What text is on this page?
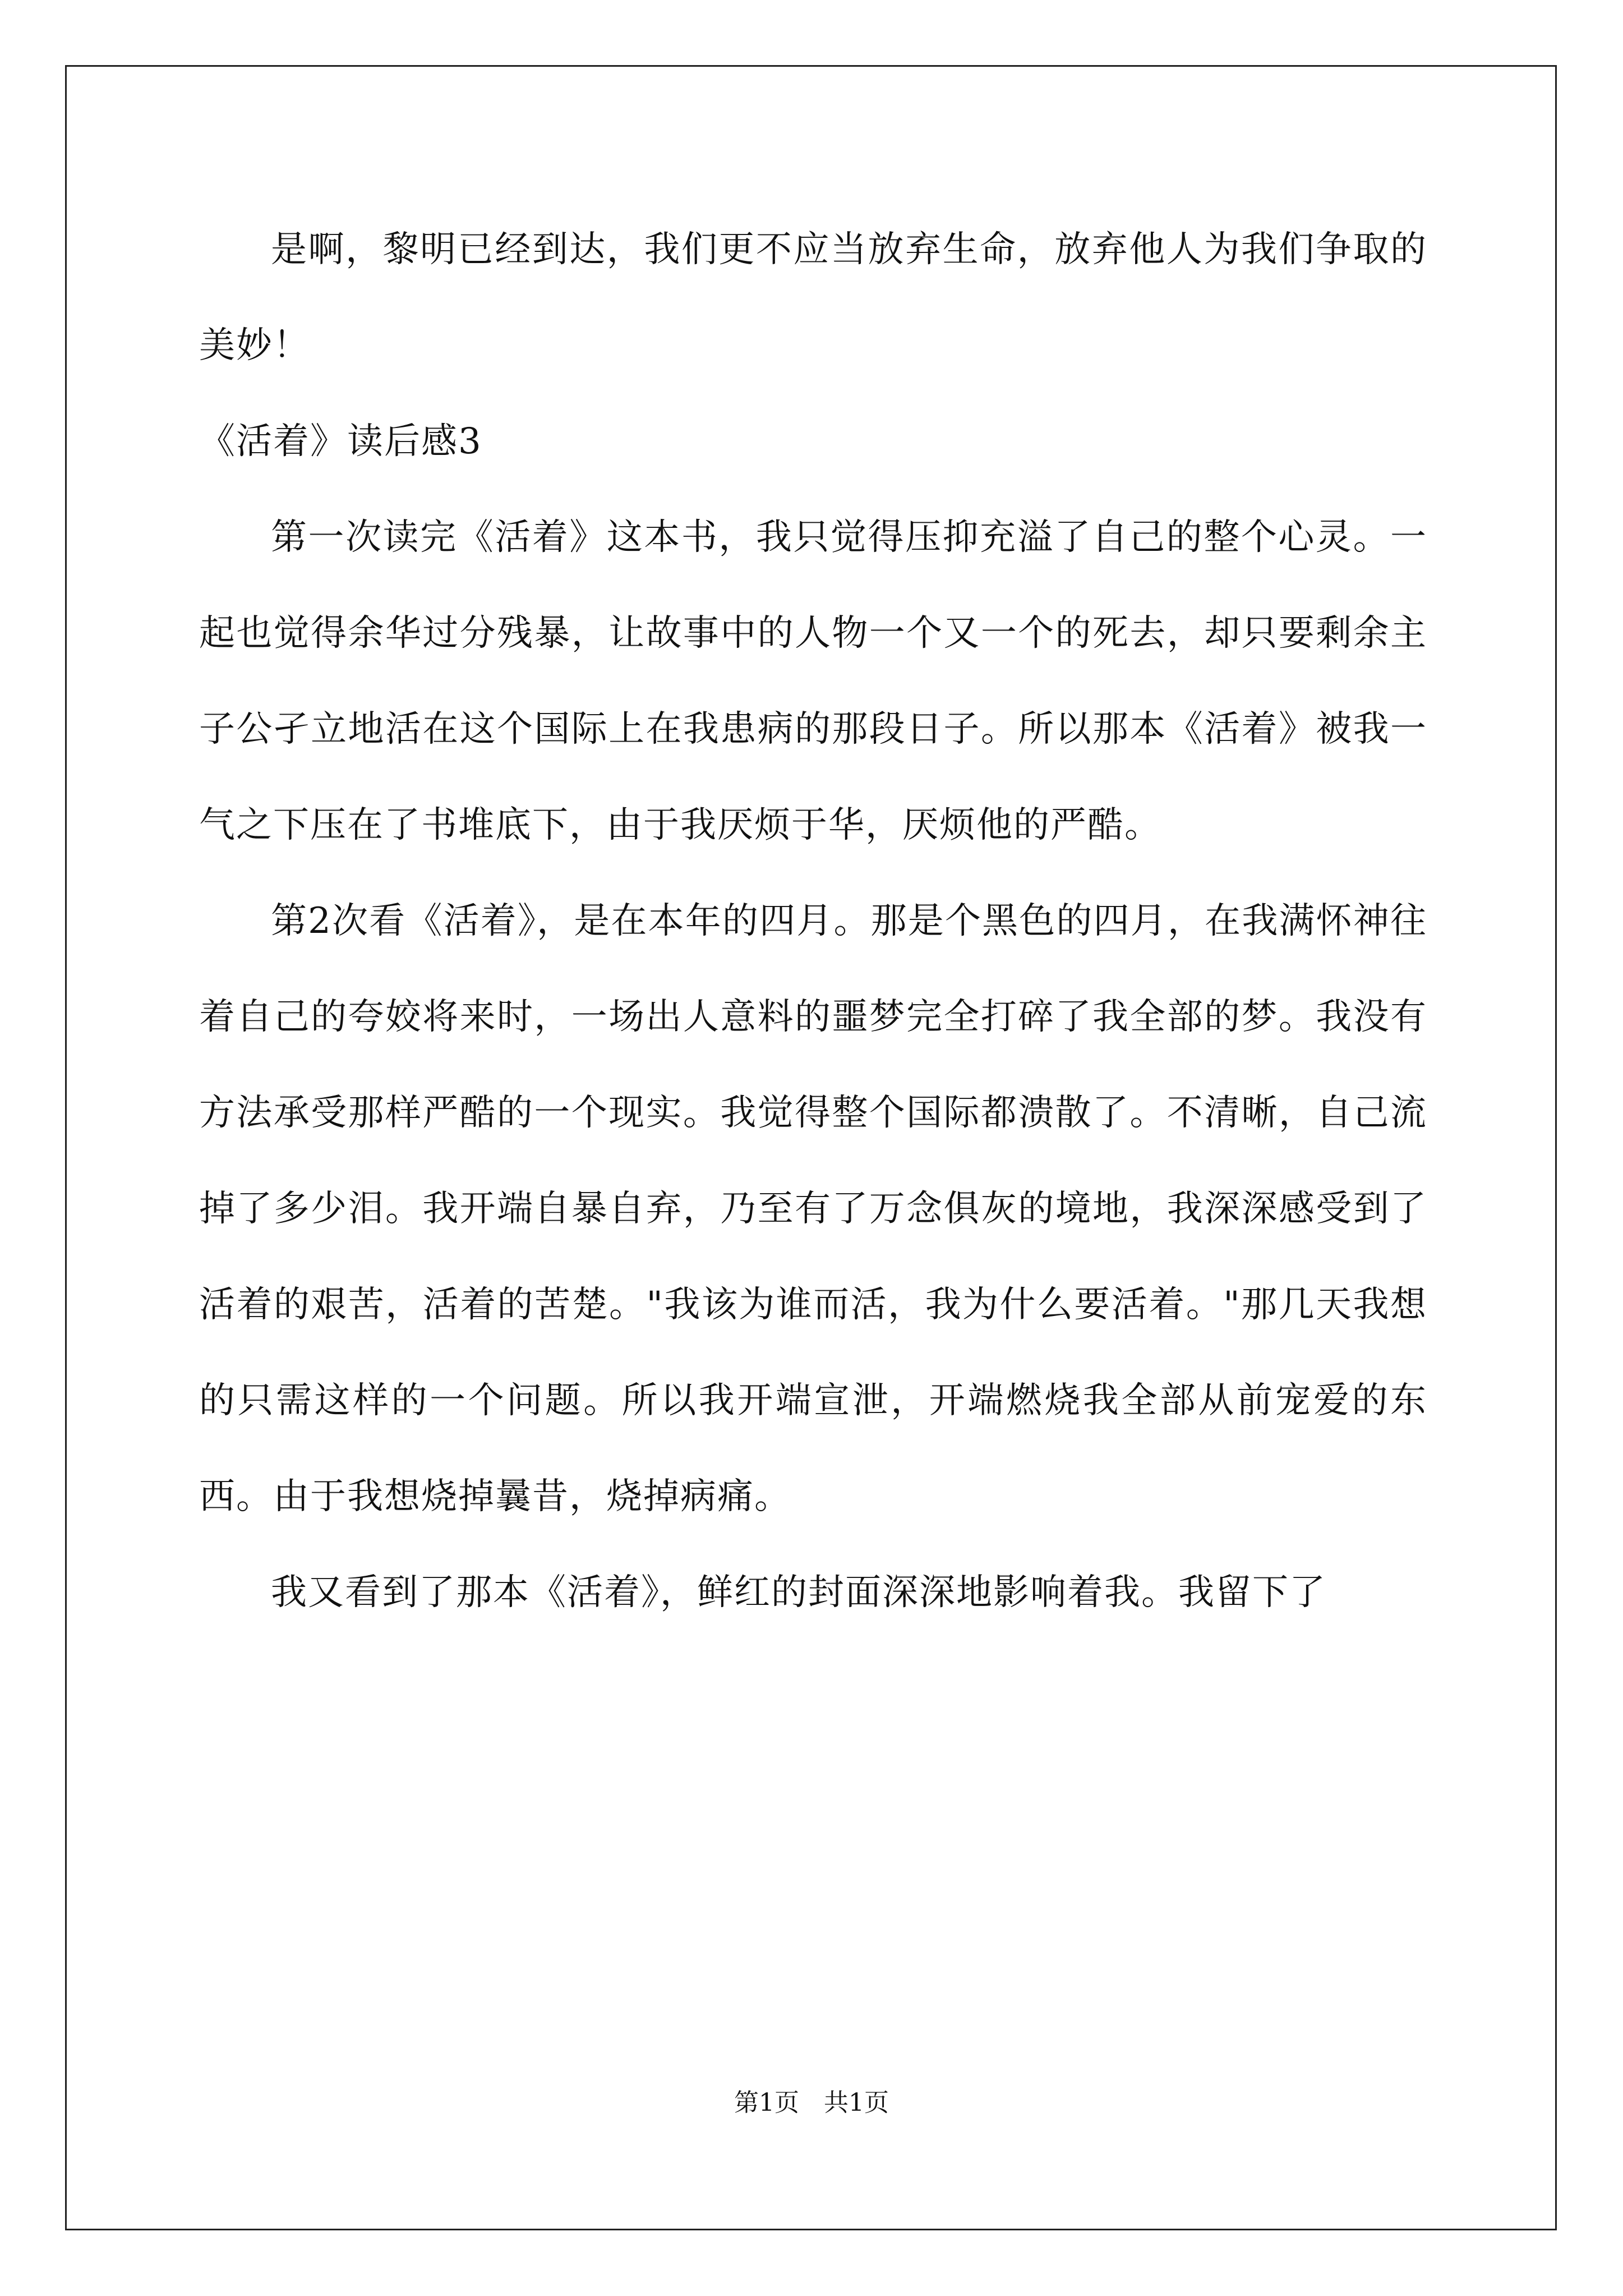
是啊，黎明已经到达，我们更不应当放弃生命，放弃他人为我们争取的美妙！

《活着》读后感3

第一次读完《活着》这本书，我只觉得压抑充溢了自己的整个心灵。一起也觉得余华过分残暴，让故事中的人物一个又一个的死去，却只要剩余主子公孑立地活在这个国际上在我患病的那段日子。所以那本《活着》被我一气之下压在了书堆底下，由于我厌烦于华，厌烦他的严酷。

第2次看《活着》，是在本年的四月。那是个黑色的四月，在我满怀神往着自己的夸姣将来时，一场出人意料的噩梦完全打碎了我全部的梦。我没有方法承受那样严酷的一个现实。我觉得整个国际都溃散了。不清晰，自己流掉了多少泪。我开端自暴自弃，乃至有了万念俱灰的境地，我深深感受到了活着的艰苦，活着的苦楚。"我该为谁而活，我为什么要活着。"那几天我想的只需这样的一个问题。所以我开端宣泄，开端燃烧我全部从前宠爱的东西。由于我想烧掉曩昔，烧掉病痛。

我又看到了那本《活着》，鲜红的封面深深地影响着我。我留下了

第1页　共1页
